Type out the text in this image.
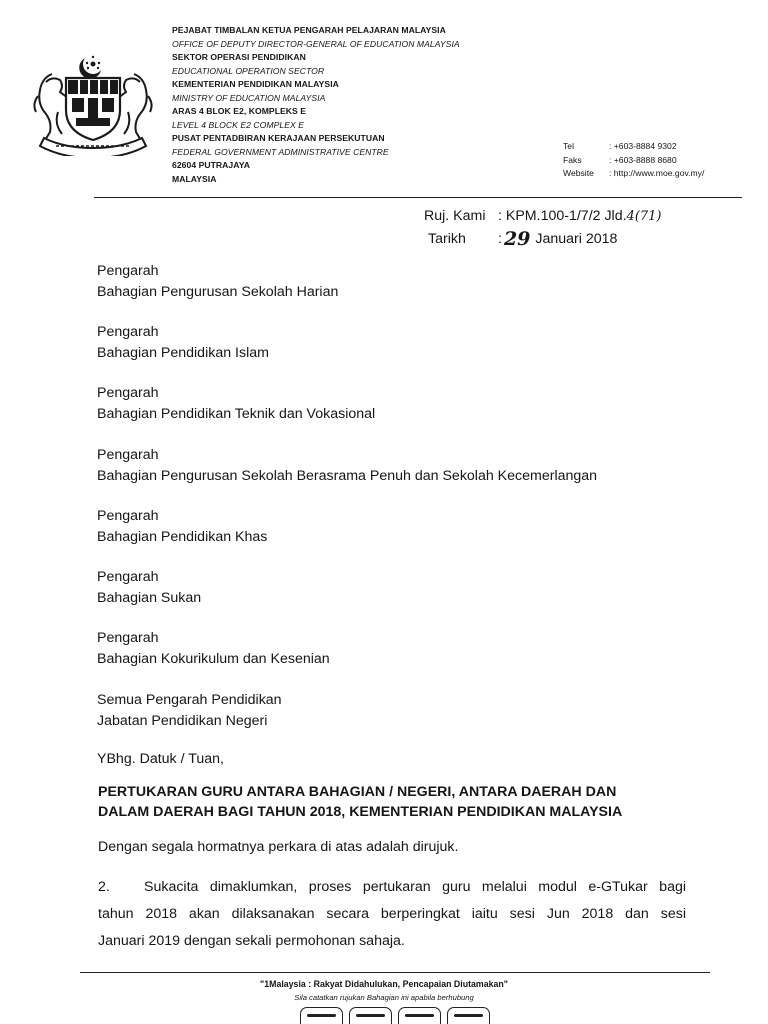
PEJABAT TIMBALAN KETUA PENGARAH PELAJARAN MALAYSIA
OFFICE OF DEPUTY DIRECTOR-GENERAL OF EDUCATION MALAYSIA
SEKTOR OPERASI PENDIDIKAN
EDUCATIONAL OPERATION SECTOR
KEMENTERIAN PENDIDIKAN MALAYSIA
MINISTRY OF EDUCATION MALAYSIA
ARAS 4 BLOK E2, KOMPLEKS E
LEVEL 4 BLOCK E2 COMPLEX E
PUSAT PENTADBIRAN KERAJAAN PERSEKUTUAN
FEDERAL GOVERNMENT ADMINISTRATIVE CENTRE
62604 PUTRAJAYA
MALAYSIA
Tel	: +603-8884 9302
Faks	: +603-8888 8680
Website	: http://www.moe.gov.my/
Ruj. Kami : KPM.100-1/7/2 Jld. 4(71)
Tarikh	: 29 Januari 2018
Pengarah
Bahagian Pengurusan Sekolah Harian
Pengarah
Bahagian Pendidikan Islam
Pengarah
Bahagian Pendidikan Teknik dan Vokasional
Pengarah
Bahagian Pengurusan Sekolah Berasrama Penuh dan Sekolah Kecemerlangan
Pengarah
Bahagian Pendidikan Khas
Pengarah
Bahagian Sukan
Pengarah
Bahagian Kokurikulum dan Kesenian
Semua Pengarah Pendidikan
Jabatan Pendidikan Negeri
YBhg. Datuk / Tuan,
PERTUKARAN GURU ANTARA BAHAGIAN / NEGERI, ANTARA DAERAH DAN
DALAM DAERAH BAGI TAHUN 2018, KEMENTERIAN PENDIDIKAN MALAYSIA
Dengan segala hormatnya perkara di atas adalah dirujuk.
2. Sukacita dimaklumkan, proses pertukaran guru melalui modul e-GTukar bagi
tahun 2018 akan dilaksanakan secara berperingkat iaitu sesi Jun 2018 dan sesi
Januari 2019 dengan sekali permohonan sahaja.
"1Malaysia : Rakyat Didahulukan, Pencapaian Diutamakan"
Sila catatkan rujukan Bahagian ini apabila berhubung
